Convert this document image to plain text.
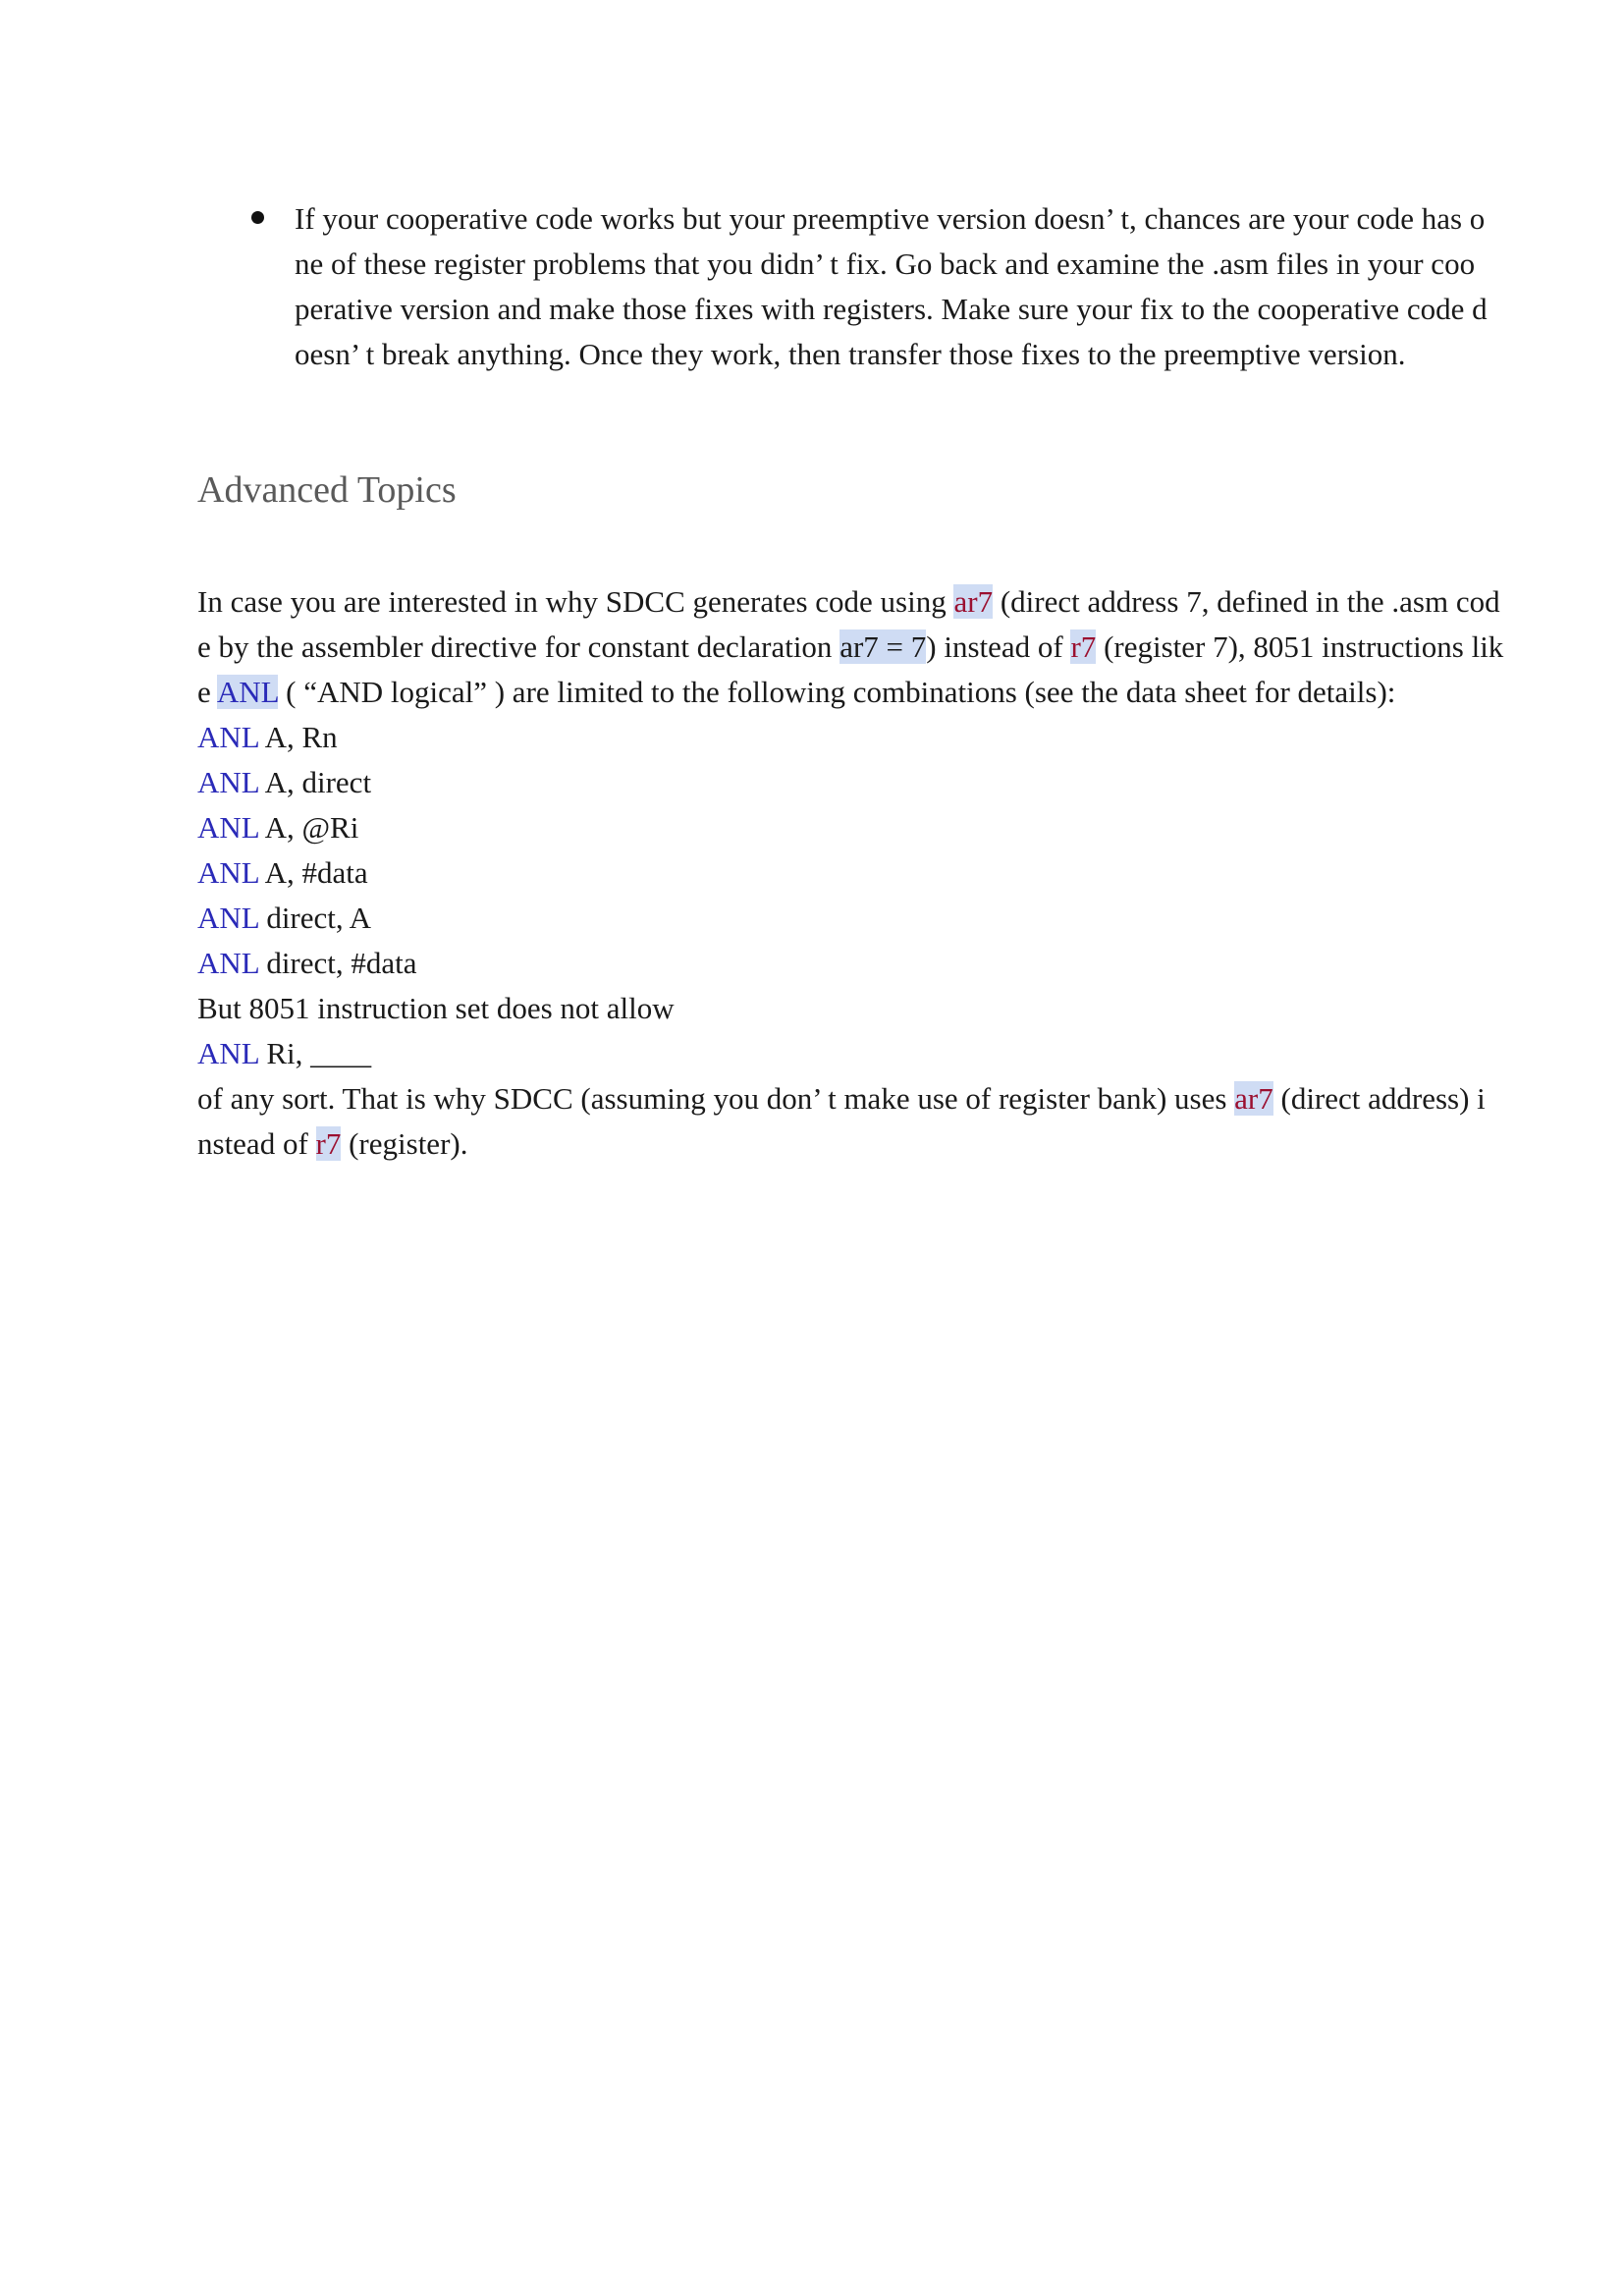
If your cooperative code works but your preemptive version doesn’ t, chances are your code has o
ne of these register problems that you didn’ t fix. Go back and examine the .asm files in your coo
perative version and make those fixes with registers. Make sure your fix to the cooperative code d
oesn’ t break anything. Once they work, then transfer those fixes to the preemptive version.
Advanced Topics
In case you are interested in why SDCC generates code using ar7 (direct address 7, defined in the .asm cod
e by the assembler directive for constant declaration ar7 = 7) instead of r7 (register 7), 8051 instructions lik
e ANL ( “AND logical” ) are limited to the following combinations (see the data sheet for details):
ANL A, Rn
ANL A, direct
ANL A, @Ri
ANL A, #data
ANL direct, A
ANL direct, #data
But 8051 instruction set does not allow
ANL Ri, ____
of any sort. That is why SDCC (assuming you don’ t make use of register bank) uses ar7 (direct address) i
nstead of r7 (register).
